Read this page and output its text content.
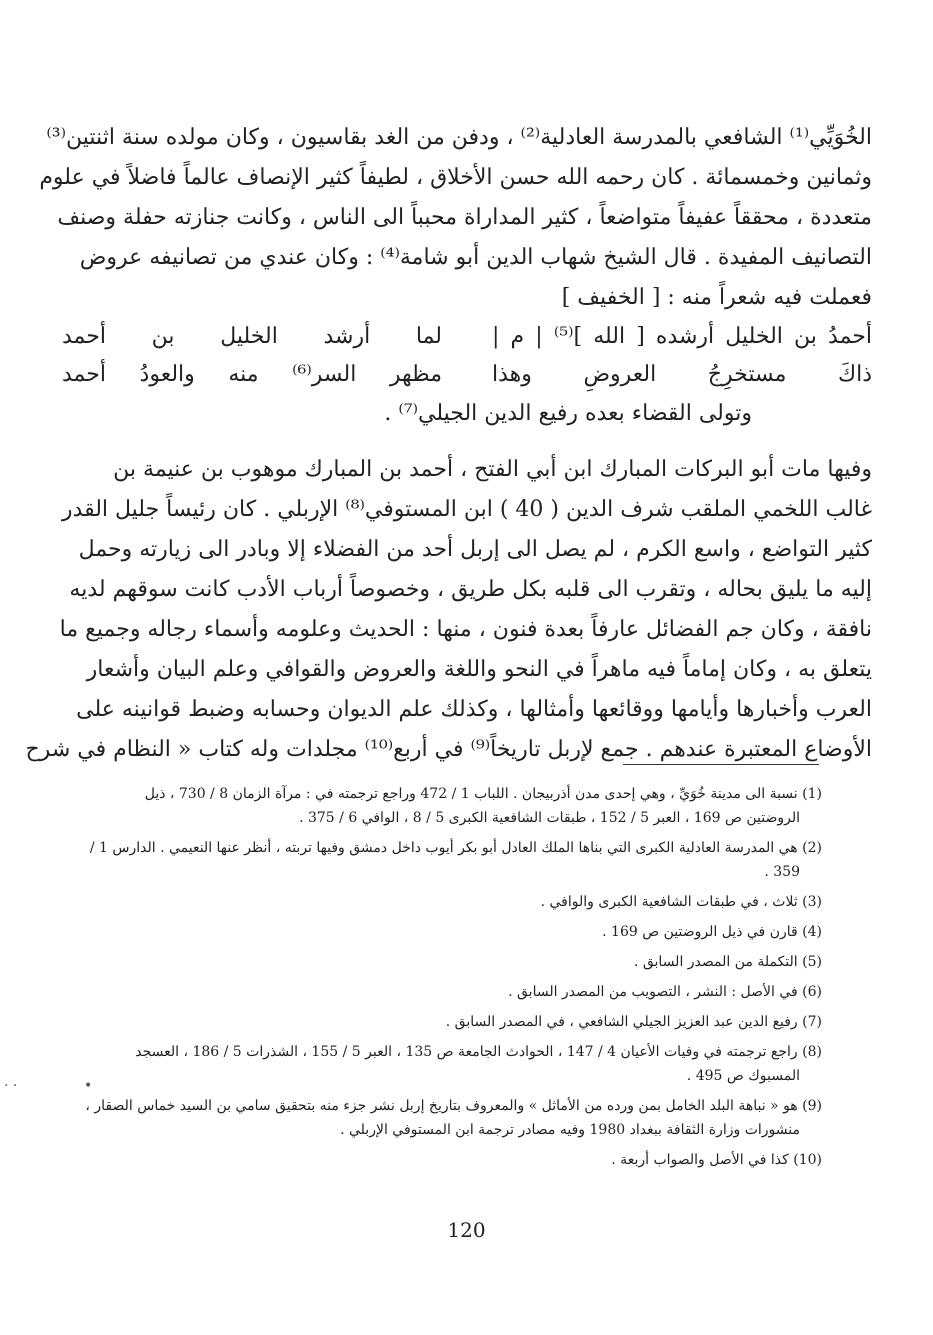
الخُوَيِّي⁽¹⁾ الشافعي بالمدرسة العادلية⁽²⁾ ، ودفن من الغد بقاسيون ، وكان مولده سنة اثنتين⁽³⁾
وثمانين وخمسمائة . كان رحمه الله حسن الأخلاق ، لطيفاً كثير الإنصاف عالماً فاضلاً في علوم
متعددة ، محققاً عفيفاً متواضعاً ، كثير المداراة محبباً الى الناس ، وكانت جنازته حفلة وصنف
التصانيف المفيدة . قال الشيخ شهاب الدين أبو شامة⁽⁴⁾ : وكان عندي من تصانيفه عروض
فعملت فيه شعراً منه : [ الخفيف ]
أحمدُ بن الخليل أرشده [ الله ]⁽⁵⁾ | م |
لما أرشد الخليل بن أحمد
ذاكَ مستخرِجُ العروضِ وهذا
مظهر السر⁽⁶⁾ منه والعودُ أحمد
وتولى القضاء بعده رفيع الدين الجيلي⁽⁷⁾ .
وفيها مات أبو البركات المبارك ابن أبي الفتح ، أحمد بن المبارك موهوب بن عنيمة بن
غالب اللخمي الملقب شرف الدين ( 40 ) ابن المستوفي⁽⁸⁾ الإربلي . كان رئيساً جليل القدر
كثير التواضع ، واسع الكرم ، لم يصل الى إربل أحد من الفضلاء إلا وبادر الى زيارته وحمل
إليه ما يليق بحاله ، وتقرب الى قلبه بكل طريق ، وخصوصاً أرباب الأدب كانت سوقهم لديه
نافقة ، وكان جم الفضائل عارفاً بعدة فنون ، منها : الحديث وعلومه وأسماء رجاله وجميع ما
يتعلق به ، وكان إماماً فيه ماهراً في النحو واللغة والعروض والقوافي وعلم البيان وأشعار
العرب وأخبارها وأيامها ووقائعها وأمثالها ، وكذلك علم الديوان وحسابه وضبط قوانينه على
الأوضاع المعتبرة عندهم . جمع لإربل تاريخاً⁽⁹⁾ في أربع⁽¹⁰⁾ مجلدات وله كتاب « النظام في شرح
(1) نسبة الى مدينة خُوَيِّ ، وهي إحدى مدن أذربيجان . اللباب 1 / 472 وراجع ترجمته في : مرآة الزمان 8 / 730 ، ذيل
الروضتين ص 169 ، العبر 5 / 152 ، طبقات الشافعية الكبرى 5 / 8 ، الوافي 6 / 375 .
(2) هي المدرسة العادلية الكبرى التي بناها الملك العادل أبو بكر أيوب داخل دمشق وفيها تربته ، أنظر عنها النعيمي . الدارس 1 /
359 .
(3) ثلاث ، في طبقات الشافعية الكبرى والوافي .
(4) قارن في ذيل الروضتين ص 169 .
(5) التكملة من المصدر السابق .
(6) في الأصل : النشر ، التصويب من المصدر السابق .
(7) رفيع الدين عبد العزيز الجيلي الشافعي ، في المصدر السابق .
(8) راجع ترجمته في وفيات الأعيان 4 / 147 ، الحوادث الجامعة ص 135 ، العبر 5 / 155 ، الشذرات 5 / 186 ، العسجد
المسبوك ص 495 .
(9) هو « نباهة البلد الخامل بمن ورده من الأماثل » والمعروف بتاريخ إربل نشر جزء منه بتحقيق سامي بن السيد خماس الصقار ،
منشورات وزارة الثقافة ببغداد 1980 وفيه مصادر ترجمة ابن المستوفي الإربلي .
(10) كذا في الأصل والصواب أربعة .
120
· ·	•
